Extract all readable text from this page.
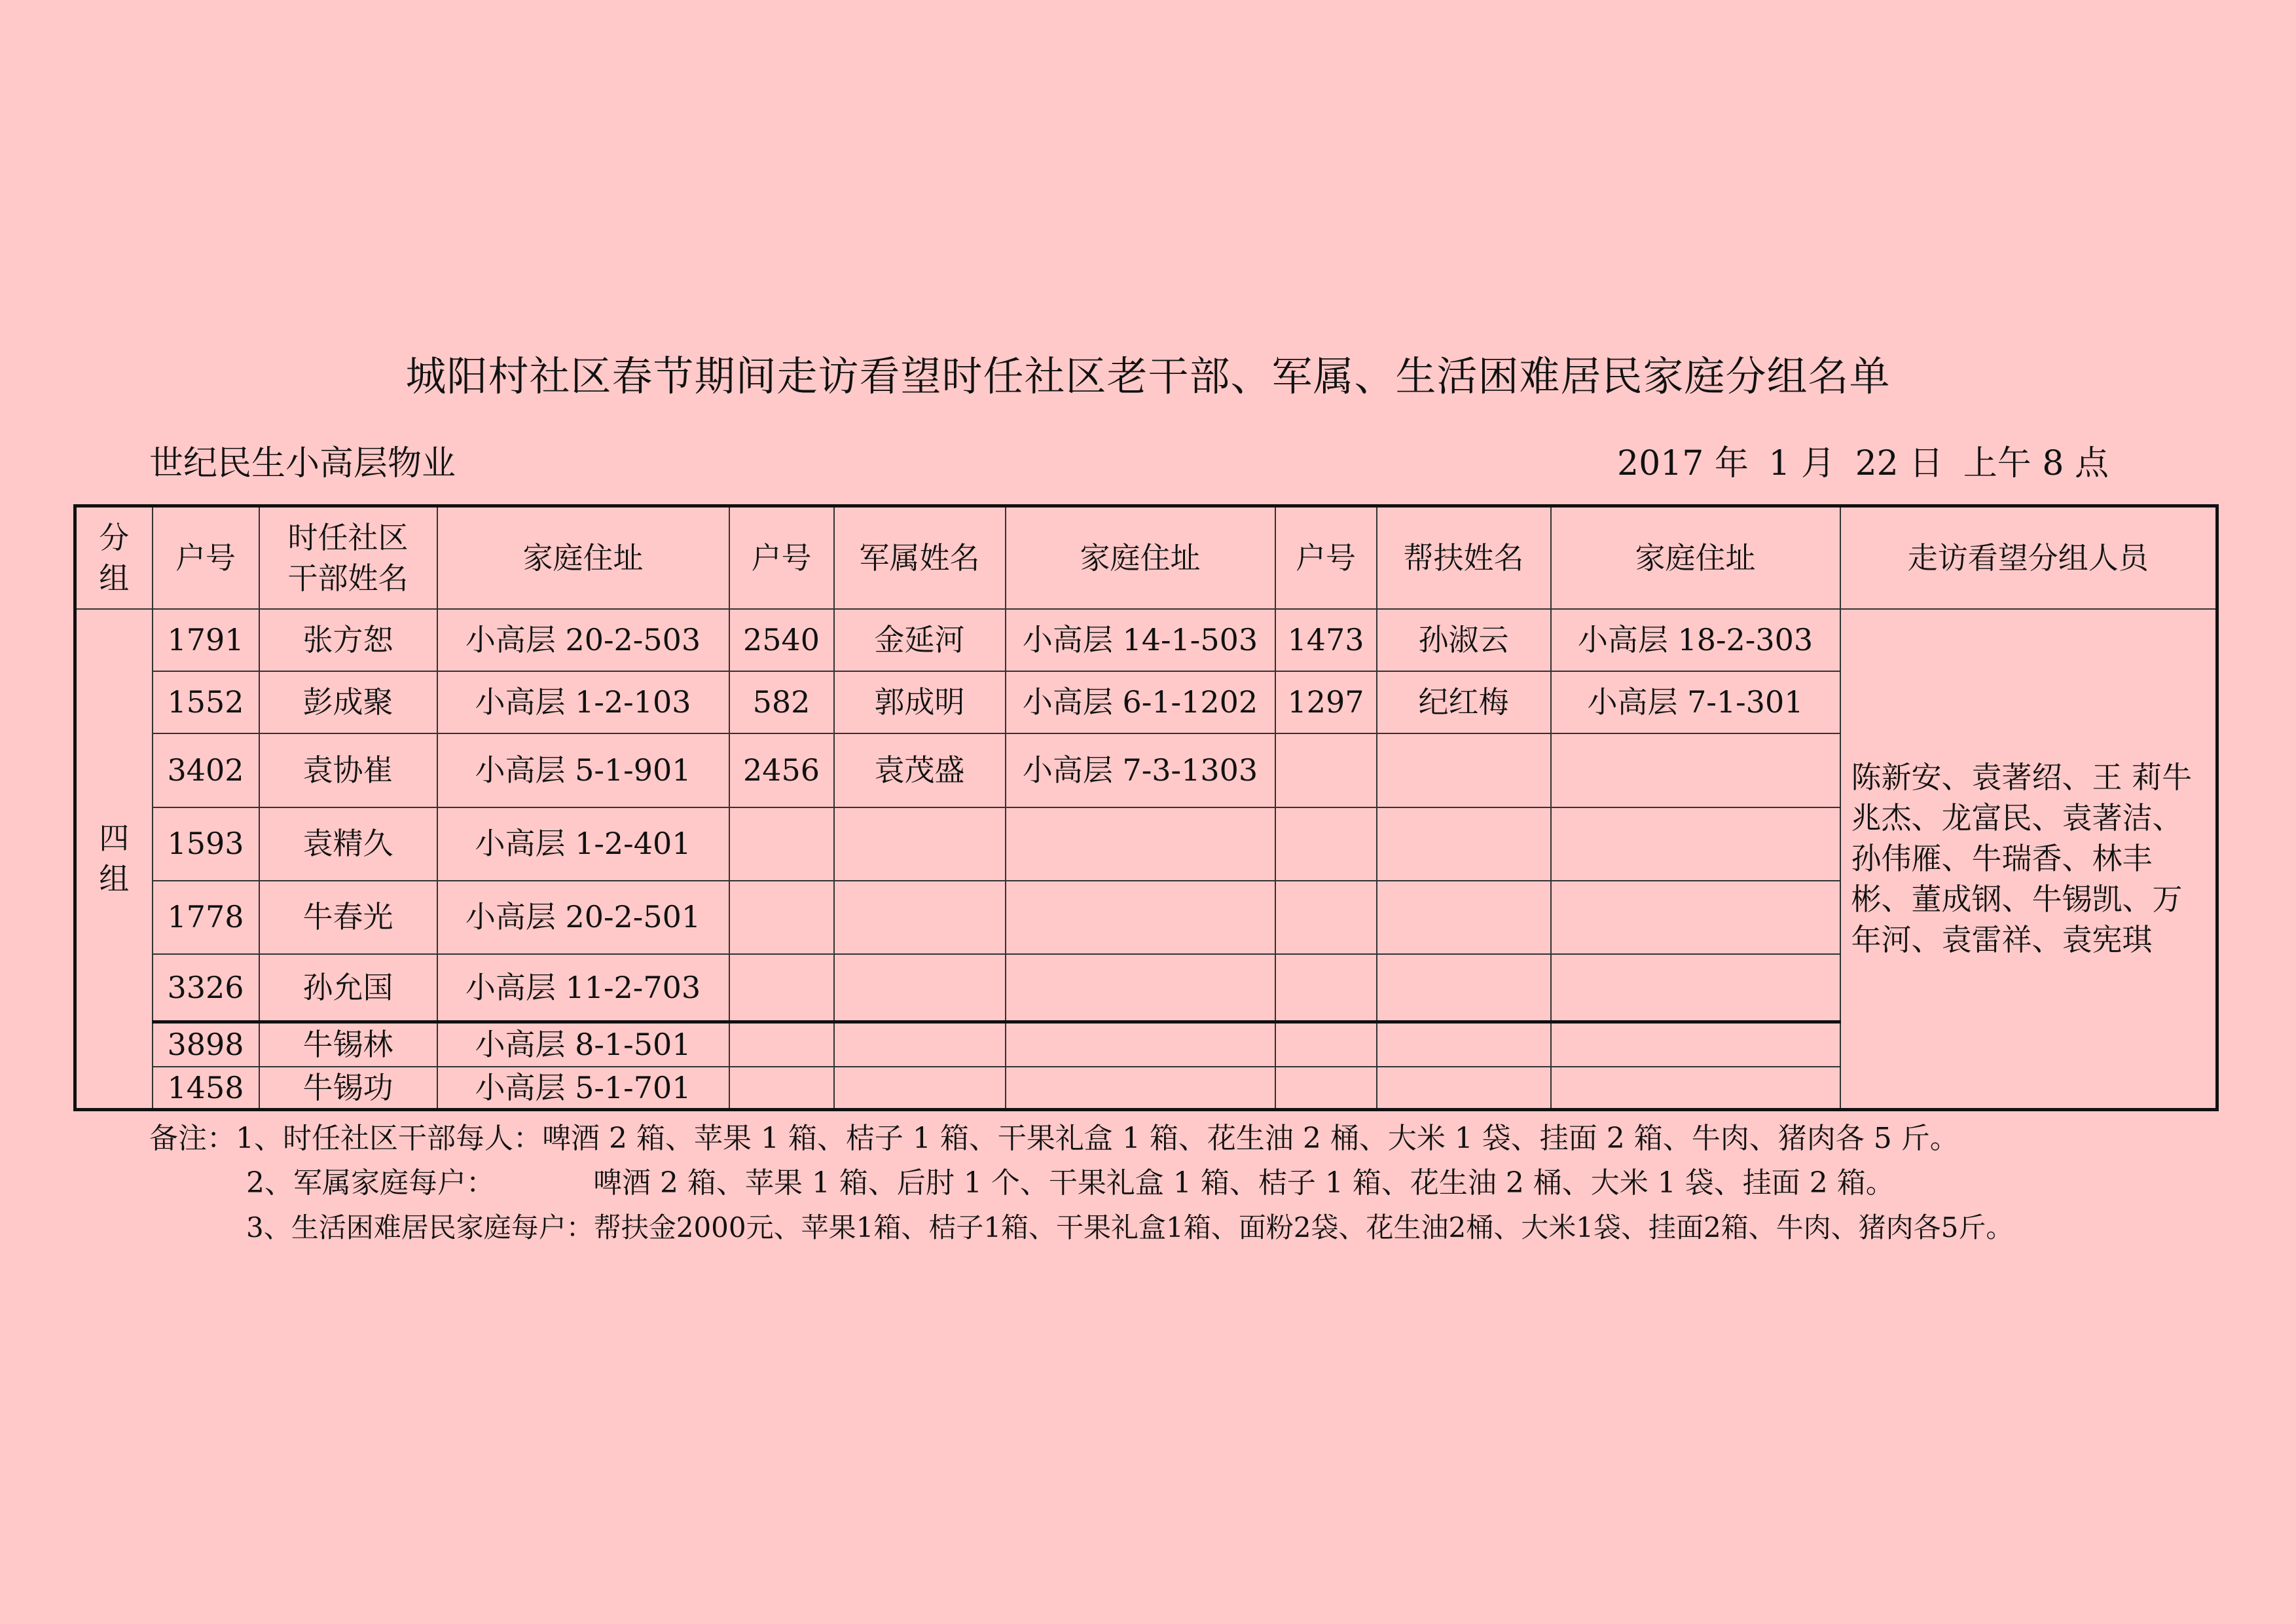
城阳村社区春节期间走访看望时任社区老干部、军属、生活困难居民家庭分组名单
世纪民生小高层物业	2017 年 1 月 22 日 上午 8 点
分
组	户号	时任社区
干部姓名	家庭住址	户号	军属姓名	家庭住址	户号	帮扶姓名	家庭住址	走访看望分组人员

四
组	1791	张方恕	小高层 20-2-503	2540	金延河	小高层 14-1-503	1473	孙淑云	小高层 18-2-303	陈新安、袁著绍、王 莉牛兆杰、龙富民、袁著洁、孙伟雁、牛瑞香、林丰彬、董成钢、牛锡凯、万年河、袁雷祥、袁宪琪
	1552	彭成聚	小高层 1-2-103	582	郭成明	小高层 6-1-1202	1297	纪红梅	小高层 7-1-301	
	3402	袁协崔	小高层 5-1-901	2456	袁茂盛	小高层 7-3-1303				
	1593	袁精久	小高层 1-2-401							
	1778	牛春光	小高层 20-2-501							
	3326	孙允国	小高层 11-2-703							
	3898	牛锡林	小高层 8-1-501							
	1458	牛锡功	小高层 5-1-701							
备注：1、时任社区干部每人：啤酒 2 箱、苹果 1 箱、桔子 1 箱、干果礼盒 1 箱、花生油 2 桶、大米 1 袋、挂面 2 箱、牛肉、猪肉各 5 斤。
2、军属家庭每户：	啤酒 2 箱、苹果 1 箱、后肘 1 个、干果礼盒 1 箱、桔子 1 箱、花生油 2 桶、大米 1 袋、挂面 2 箱。
3、生活困难居民家庭每户：帮扶金2000元、苹果1箱、桔子1箱、干果礼盒1箱、面粉2袋、花生油2桶、大米1袋、挂面2箱、牛肉、猪肉各5斤。
